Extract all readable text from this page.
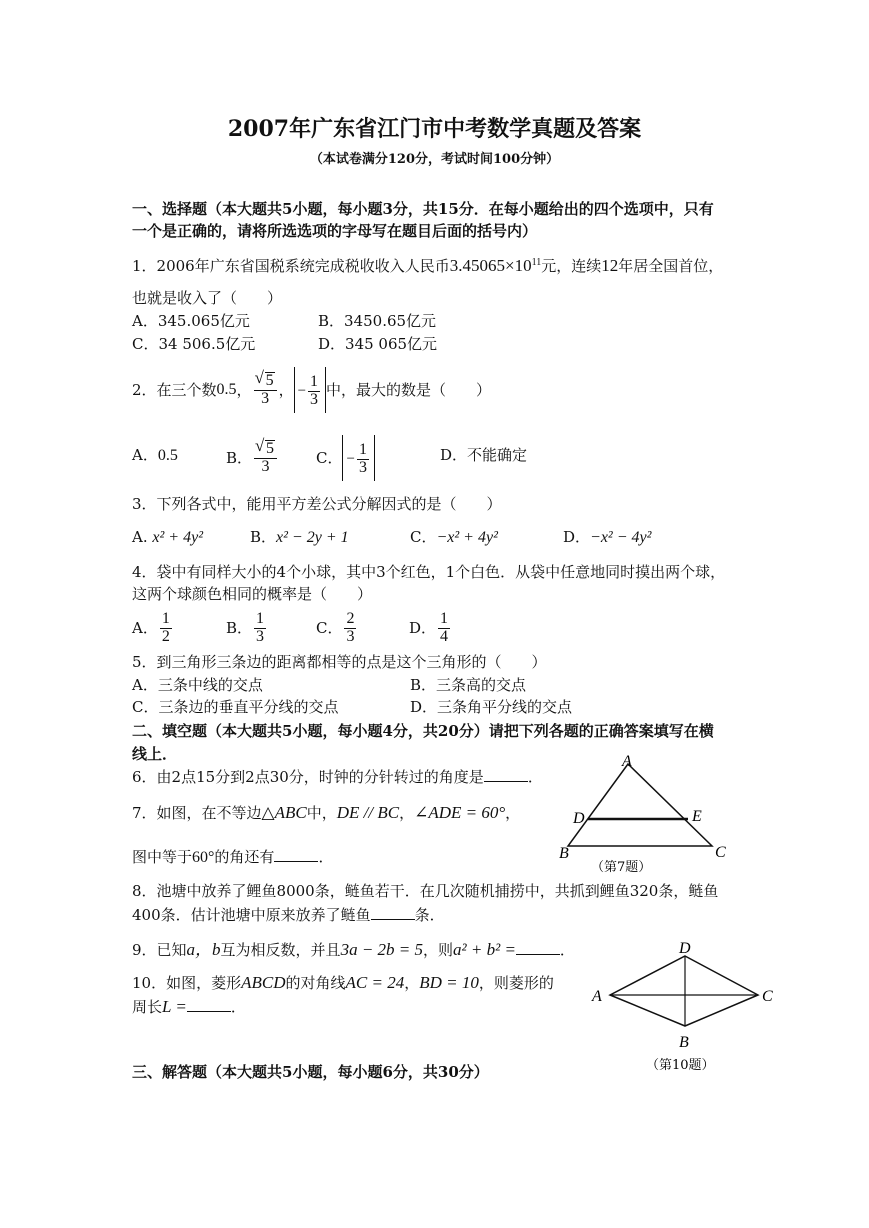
2007年广东省江门市中考数学真题及答案
（本试卷满分120分，考试时间100分钟）
一、选择题（本大题共5小题，每小题3分，共15分．在每小题给出的四个选项中，只有
一个是正确的，请将所选选项的字母写在题目后面的括号内）
1．2006年广东省国税系统完成税收收入人民币$3.45065\times 10^{11}$元，连续12年居全国首位，
也就是收入了（　　）
A．345.065亿元	B．3450.65亿元
C．34 506.5亿元	D．345 065亿元
2．在三个数 0.5 ， √ $\frac{5}{3}$ ， − $\frac{1}{3}$ 中，最大的数是（　　）
A．0.5	B． √ $\frac{5}{3}$	C． − $\frac{1}{3}$	D．不能确定
3．下列各式中，能用平方差公式分解因式的是（　　）
A. x² + 4y²	B．x² − 2y + 1	C．−x² + 4y²	D．−x² − 4y²
4．袋中有同样大小的4个小球，其中3个红色，1个白色．从袋中任意地同时摸出两个球，
这两个球颜色相同的概率是（　　）
A． $\frac{1}{2}$	B． $\frac{1}{3}$	C． $\frac{2}{3}$	D． $\frac{1}{4}$
5．到三角形三条边的距离都相等的点是这个三角形的（　　）
A．三条中线的交点	B．三条高的交点
C．三条边的垂直平分线的交点	D．三条角平分线的交点
二、填空题（本大题共5小题，每小题4分，共20分）请把下列各题的正确答案填写在横
线上．
6．由2点15分到2点30分，时钟的分针转过的角度是	．
7．如图，在不等边△ABC中，DE // BC，∠ADE = 60°，
图中等于60°的角还有	．
A
D	E
B	C
（第7题）
8．池塘中放养了鲤鱼8000条，鲢鱼若干．在几次随机捕捞中，共抓到鲤鱼320条，鲢鱼
400条．估计池塘中原来放养了鲢鱼	条．
9．已知a，b互为相反数，并且3a − 2b = 5，则a² + b² =	．
10．如图，菱形ABCD的对角线AC = 24，BD = 10，则菱形的
周长L =	．
D
A	C
B
（第10题）
三、解答题（本大题共5小题，每小题6分，共30分）
